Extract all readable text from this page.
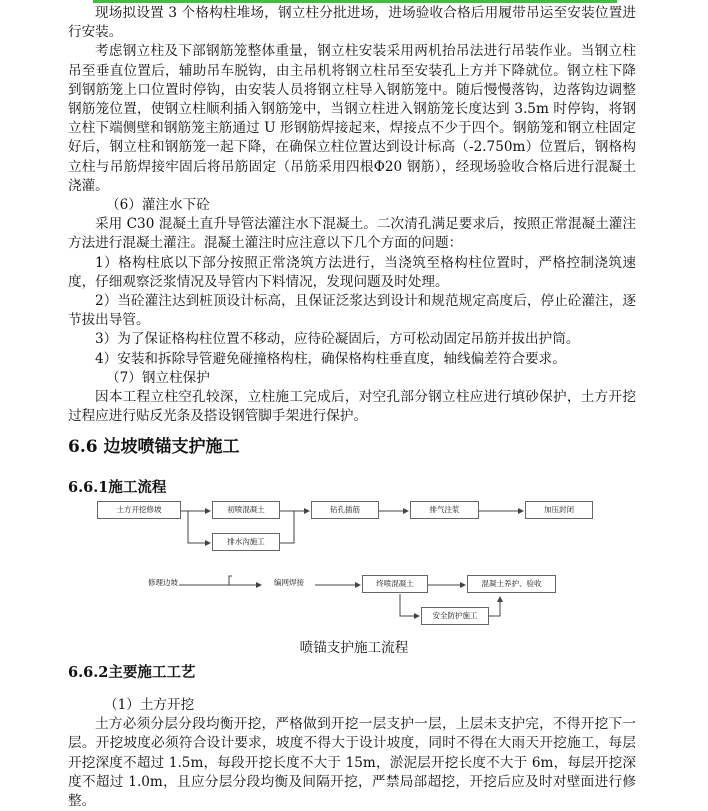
现场拟设置 3 个格构柱堆场，钢立柱分批进场，进场验收合格后用履带吊运至安装位置进行安装。

考虑钢立柱及下部钢筋笼整体重量，钢立柱安装采用两机抬吊法进行吊装作业。当钢立柱吊至垂直位置后，辅助吊车脱钩，由主吊机将钢立柱吊至安装孔上方并下降就位。钢立柱下降到钢筋笼上口位置时停钩，由安装人员将钢立柱导入钢筋笼中。随后慢慢落钩，边落钩边调整钢筋笼位置，使钢立柱顺利插入钢筋笼中，当钢立柱进入钢筋笼长度达到 3.5m 时停钩，将钢立柱下端侧壁和钢筋笼主筋通过 U 形钢筋焊接起来，焊接点不少于四个。钢筋笼和钢立柱固定好后，钢立柱和钢筋笼一起下降，在确保立柱位置达到设计标高（-2.750m）位置后，钢格构立柱与吊筋焊接牢固后将吊筋固定（吊筋采用四根Φ20 钢筋），经现场验收合格后进行混凝土浇灌。

（6）灌注水下砼

采用 C30 混凝土直升导管法灌注水下混凝土。二次清孔满足要求后，按照正常混凝土灌注方法进行混凝土灌注。混凝土灌注时应注意以下几个方面的问题：

1）格构柱底以下部分按照正常浇筑方法进行，当浇筑至格构柱位置时，严格控制浇筑速度，仔细观察泛浆情况及导管内下料情况，发现问题及时处理。

2）当砼灌注达到桩顶设计标高，且保证泛浆达到设计和规范规定高度后，停止砼灌注，逐节拔出导管。

3）为了保证格构柱位置不移动，应待砼凝固后，方可松动固定吊筋并拔出护筒。

4）安装和拆除导管避免碰撞格构柱，确保格构柱垂直度，轴线偏差符合要求。

（7）钢立柱保护

因本工程立柱空孔较深，立柱施工完成后，对空孔部分钢立柱应进行填砂保护，土方开挖过程应进行贴反光条及搭设钢管脚手架进行保护。

6.6 边坡喷锚支护施工
6.6.1施工流程
土方开挖修坡	初喷混凝土	钻孔插筋	排气注浆	加压封闭
排水沟施工
修理边坡	编网焊接	终喷混凝土	混凝土养护、验收
安全防护施工
喷锚支护施工流程
6.6.2主要施工工艺

（1）土方开挖

土方必须分层分段均衡开挖，严格做到开挖一层支护一层，上层未支护完，不得开挖下一层。开挖坡度必须符合设计要求，坡度不得大于设计坡度，同时不得在大雨天开挖施工，每层开挖深度不超过 1.5m，每段开挖长度不大于 15m，淤泥层开挖长度不大于 6m，每层开挖深度不超过 1.0m，且应分层分段均衡及间隔开挖，严禁局部超挖，开挖后应及时对壁面进行修整。
